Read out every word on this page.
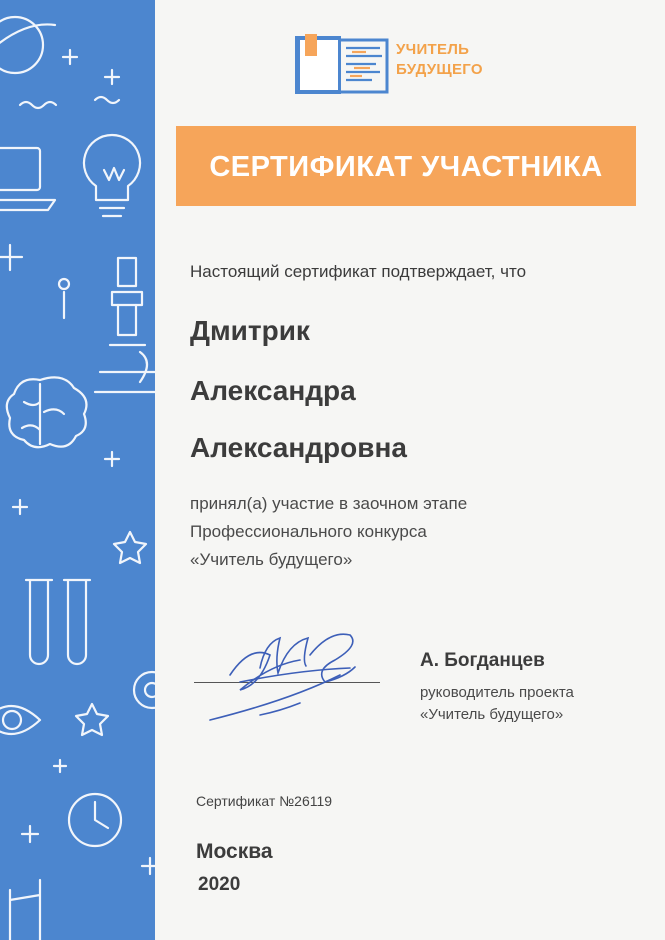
УЧИТЕЛЬ
БУДУЩЕГО
СЕРТИФИКАТ УЧАСТНИКА
Настоящий сертификат подтверждает, что
Дмитрик
Александра
Александровна
принял(а) участие в заочном этапе
Профессионального конкурса
«Учитель будущего»
А. Богданцев
руководитель проекта
«Учитель будущего»
Сертификат №26119
Москва
2020
